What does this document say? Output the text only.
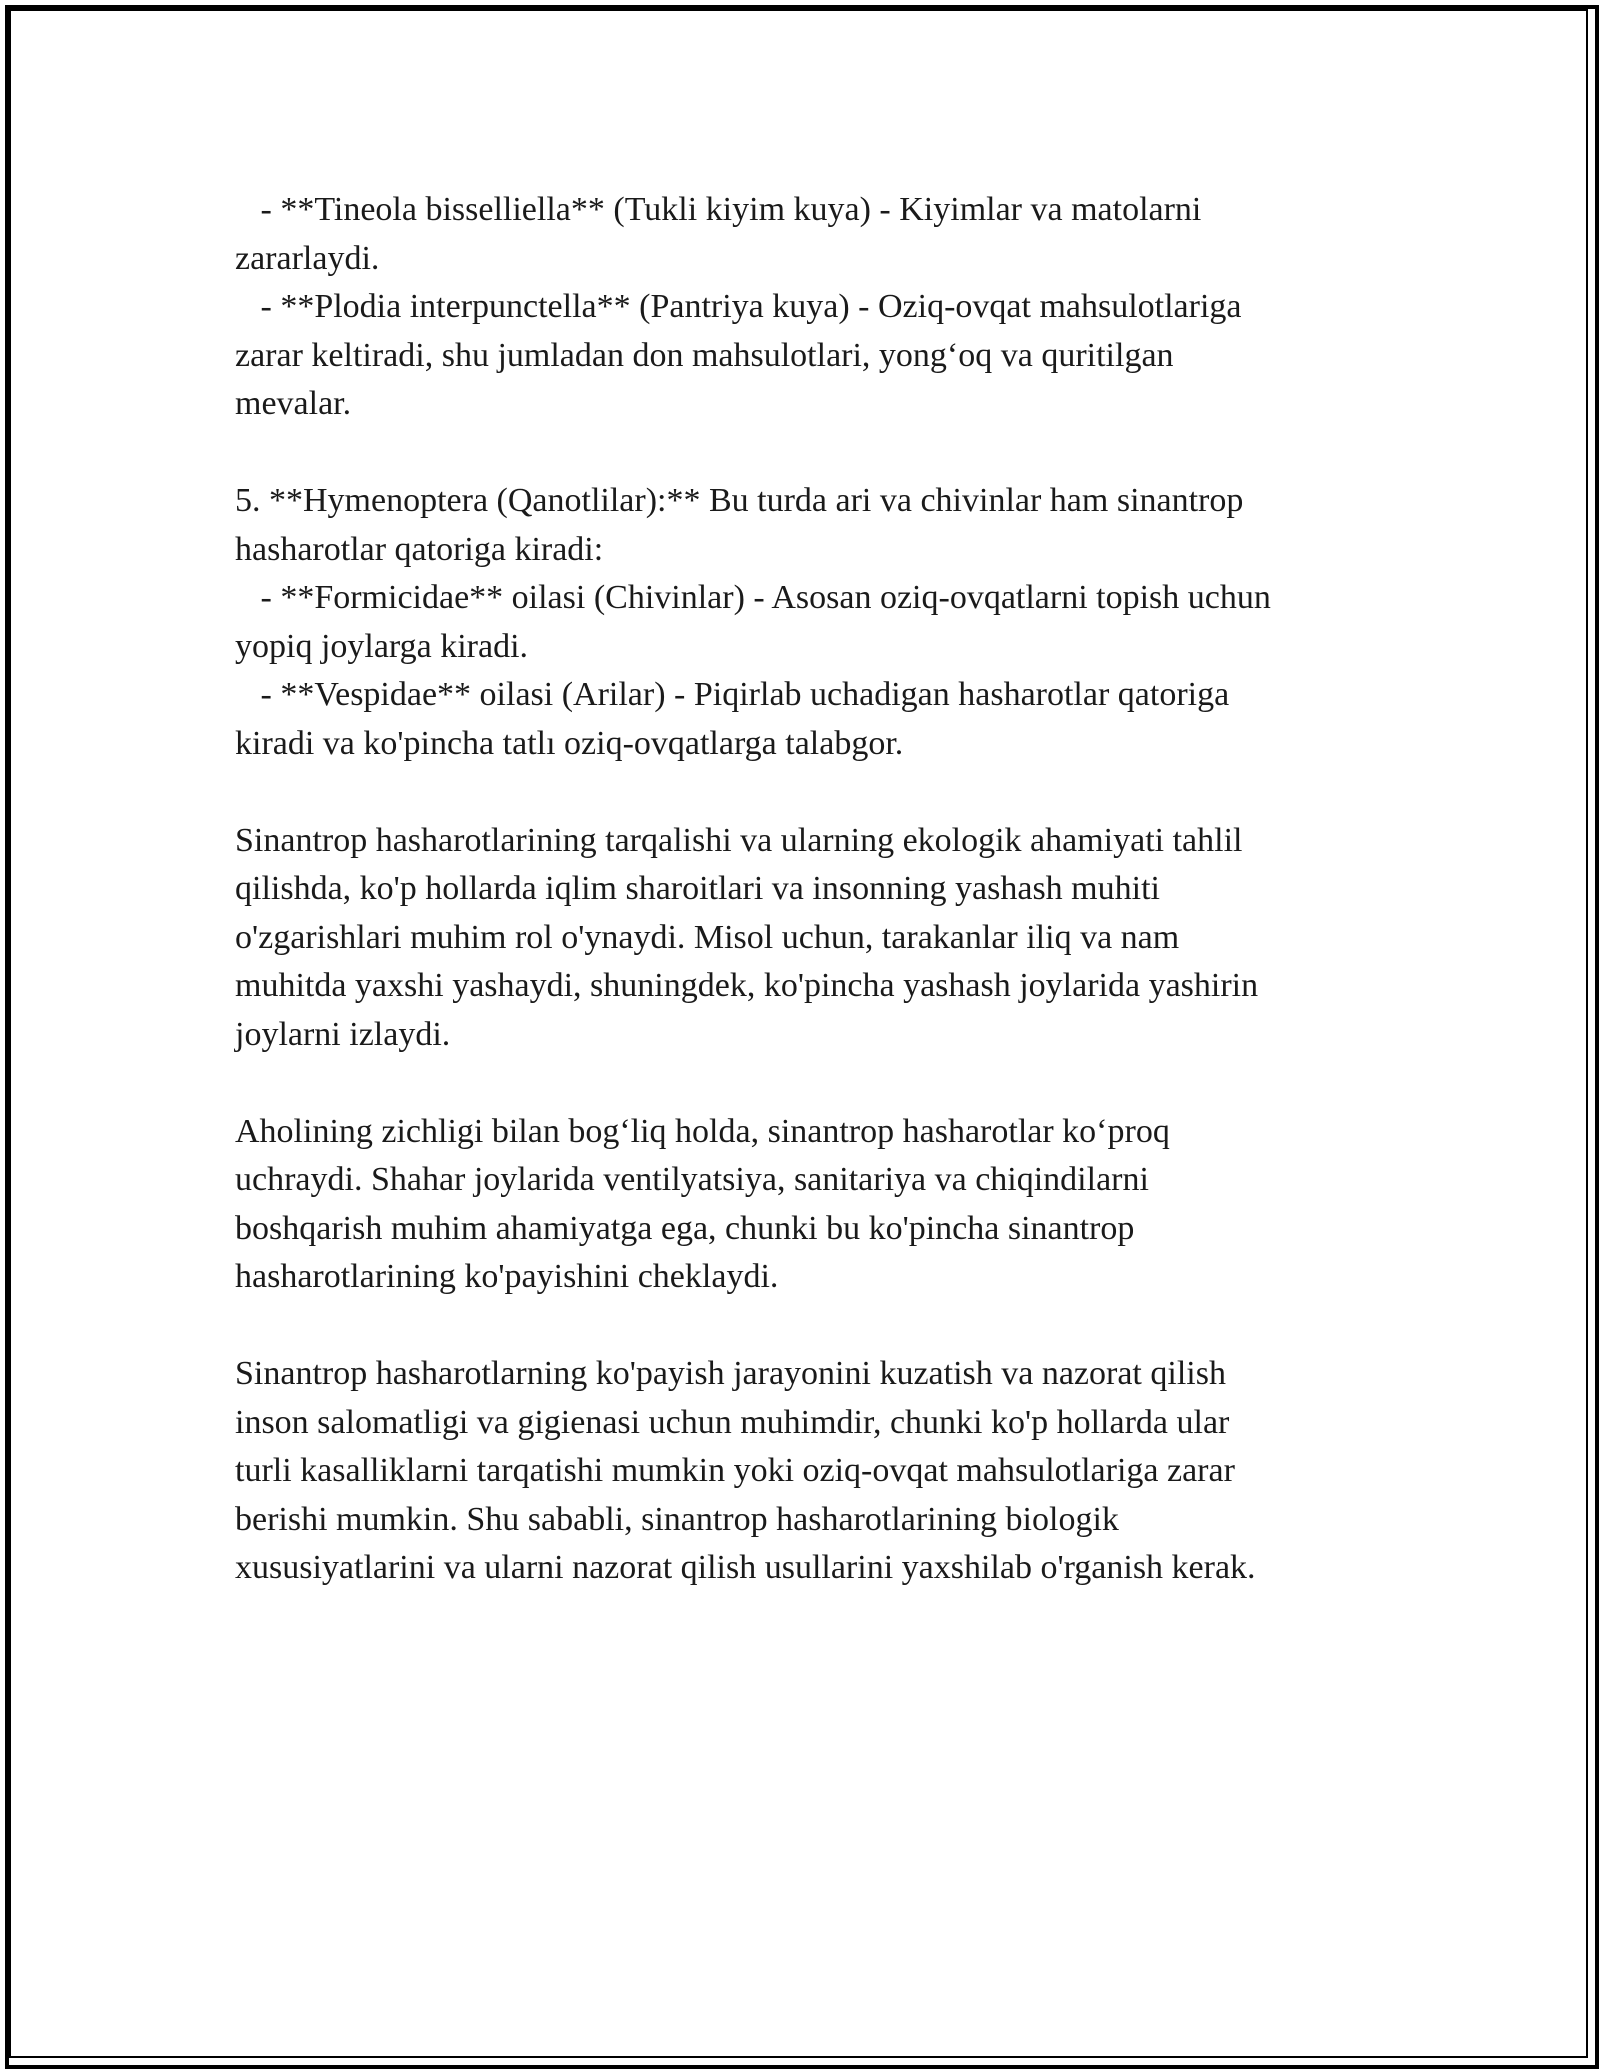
- **Tineola bisselliella** (Tukli kiyim kuya) - Kiyimlar va matolarni
zararlaydi.
- **Plodia interpunctella** (Pantriya kuya) - Oziq-ovqat mahsulotlariga
zarar keltiradi, shu jumladan don mahsulotlari, yong‘oq va quritilgan
mevalar.
5. **Hymenoptera (Qanotlilar):** Bu turda ari va chivinlar ham sinantrop
hasharotlar qatoriga kiradi:
- **Formicidae** oilasi (Chivinlar) - Asosan oziq-ovqatlarni topish uchun
yopiq joylarga kiradi.
- **Vespidae** oilasi (Arilar) - Piqirlab uchadigan hasharotlar qatoriga
kiradi va ko'pincha tatlı oziq-ovqatlarga talabgor.
Sinantrop hasharotlarining tarqalishi va ularning ekologik ahamiyati tahlil
qilishda, ko'p hollarda iqlim sharoitlari va insonning yashash muhiti
o'zgarishlari muhim rol o'ynaydi. Misol uchun, tarakanlar iliq va nam
muhitda yaxshi yashaydi, shuningdek, ko'pincha yashash joylarida yashirin
joylarni izlaydi.
Aholining zichligi bilan bog‘liq holda, sinantrop hasharotlar ko‘proq
uchraydi. Shahar joylarida ventilyatsiya, sanitariya va chiqindilarni
boshqarish muhim ahamiyatga ega, chunki bu ko'pincha sinantrop
hasharotlarining ko'payishini cheklaydi.
Sinantrop hasharotlarning ko'payish jarayonini kuzatish va nazorat qilish
inson salomatligi va gigienasi uchun muhimdir, chunki ko'p hollarda ular
turli kasalliklarni tarqatishi mumkin yoki oziq-ovqat mahsulotlariga zarar
berishi mumkin. Shu sababli, sinantrop hasharotlarining biologik
xususiyatlarini va ularni nazorat qilish usullarini yaxshilab o'rganish kerak.
